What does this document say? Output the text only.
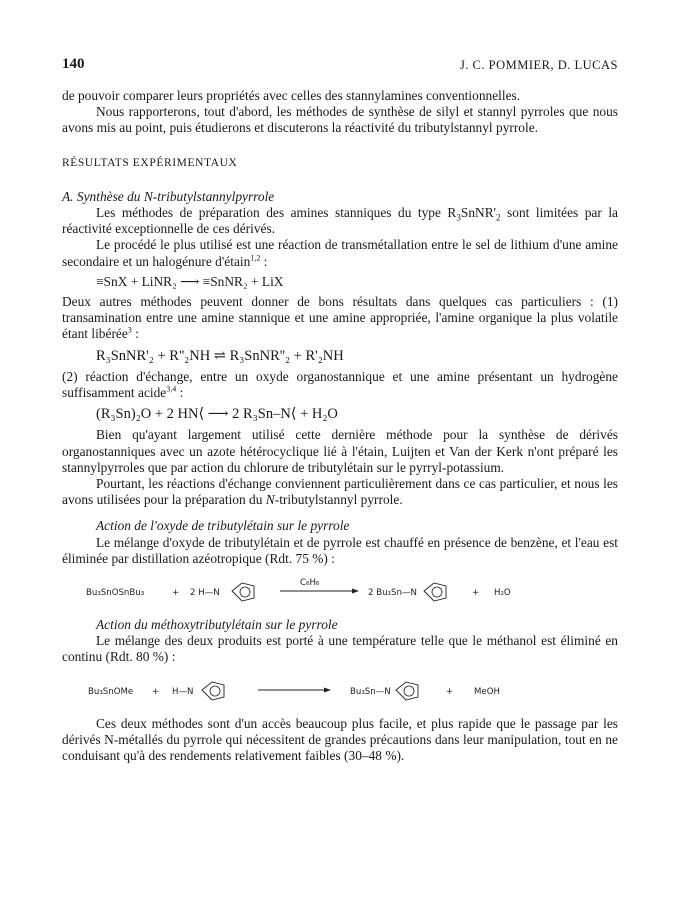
140	J. C. POMMIER, D. LUCAS

de pouvoir comparer leurs propriétés avec celles des stannylamines conventionnelles.

Nous rapporterons, tout d'abord, les méthodes de synthèse de silyl et stannyl pyrroles que nous avons mis au point, puis étudierons et discuterons la réactivité du tributylstannyl pyrrole.

RÉSULTATS EXPÉRIMENTAUX
A. Synthèse du N-tributylstannylpyrrole

Les méthodes de préparation des amines stanniques du type $R_3SnNR'_2$ sont limitées par la réactivité exceptionnelle de ces dérivés.

Le procédé le plus utilisé est une réaction de transmétallation entre le sel de lithium d'une amine secondaire et un halogénure d'étain$^{1,2}$ :

≡SnX + LiNR₂ ⟶ ≡SnNR₂ + LiX

Deux autres méthodes peuvent donner de bons résultats dans quelques cas particuliers : (1) transamination entre une amine stannique et une amine appropriée, l'amine organique la plus volatile étant libérée$^3$ :

R₃SnNR'₂ + R''₂NH ⇌ R₃SnNR''₂ + R'₂NH

(2) réaction d'échange, entre un oxyde organostannique et une amine présentant un hydrogène suffisamment acide$^{3,4}$ :

(R₃Sn)₂O + 2 HN⟨ ⟶ 2 R₃Sn–N⟨ + H₂O

Bien qu'ayant largement utilisé cette dernière méthode pour la synthèse de dérivés organostanniques avec un azote hétérocyclique lié à l'étain, Luijten et Van der Kerk n'ont préparé les stannylpyrroles que par action du chlorure de tributylétain sur le pyrryl-potassium.

Pourtant, les réactions d'échange conviennent particulièrement dans ce cas particulier, et nous les avons utilisées pour la préparation du N-tributylstannyl pyrrole.

Action de l'oxyde de tributylétain sur le pyrrole

Le mélange d'oxyde de tributylétain et de pyrrole est chauffé en présence de benzène, et l'eau est éliminée par distillation azéotropique (Rdt. 75 %) :

Bu₃SnOSnBu₃	+ 2 H—N
C₆H₆
2 Bu₃Sn—N	+ H₂O
Action du méthoxytributylétain sur le pyrrole

Le mélange des deux produits est porté à une température telle que le méthanol est éliminé en continu (Rdt. 80 %) :

Bu₃SnOMe + H—N	Bu₃Sn—N	+ MeOH

Ces deux méthodes sont d'un accès beaucoup plus facile, et plus rapide que le passage par les dérivés N-métallés du pyrrole qui nécessitent de grandes précautions dans leur manipulation, tout en ne conduisant qu'à des rendements relativement faibles (30–48 %).
